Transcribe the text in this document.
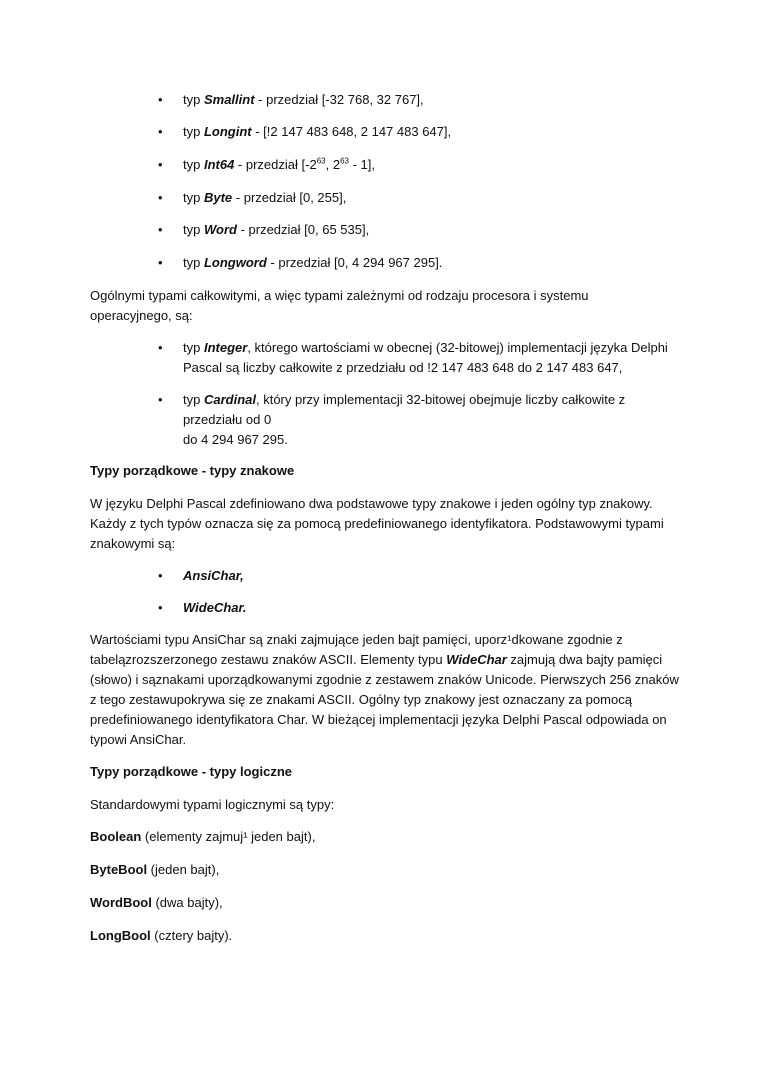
•	typ Smallint - przedział [-32 768, 32 767],

•	typ Longint - [!2 147 483 648, 2 147 483 647],

•	typ Int64 - przedział [$-2^{63}$, $2^{63} - 1$],

•	typ Byte - przedział [0, 255],

•	typ Word - przedział [0, 65 535],

•	typ Longword - przedział [0, 4 294 967 295].

Ogólnymi typami całkowitymi, a więc typami zależnymi od rodzaju procesora i systemu
operacyjnego, są:

•	typ Integer, którego wartościami w obecnej (32-bitowej) implementacji języka Delphi
Pascal są liczby całkowite z przedziału od !2 147 483 648 do 2 147 483 647,

•	typ Cardinal, który przy implementacji 32-bitowej obejmuje liczby całkowite z
przedziału od 0
do 4 294 967 295.

Typy porządkowe - typy znakowe

W języku Delphi Pascal zdefiniowano dwa podstawowe typy znakowe i jeden ogólny typ znakowy.
Każdy z tych typów oznacza się za pomocą predefiniowanego identyfikatora. Podstawowymi typami
znakowymi są:

•	AnsiChar,

•	WideChar.

Wartościami typu AnsiChar są znaki zajmujące jeden bajt pamięci, uporz¹dkowane zgodnie z
tabelązrozszerzonego zestawu znaków ASCII. Elementy typu WideChar zajmują dwa bajty pamięci
(słowo) i sąznakami uporządkowanymi zgodnie z zestawem znaków Unicode. Pierwszych 256 znaków
z tego zestawupokrywa się ze znakami ASCII. Ogólny typ znakowy jest oznaczany za pomocą
predefiniowanego identyfikatora Char. W bieżącej implementacji języka Delphi Pascal odpowiada on
typowi AnsiChar.

Typy porządkowe - typy logiczne

Standardowymi typami logicznymi są typy:

Boolean (elementy zajmuj¹ jeden bajt),

ByteBool (jeden bajt),

WordBool (dwa bajty),

LongBool (cztery bajty).
